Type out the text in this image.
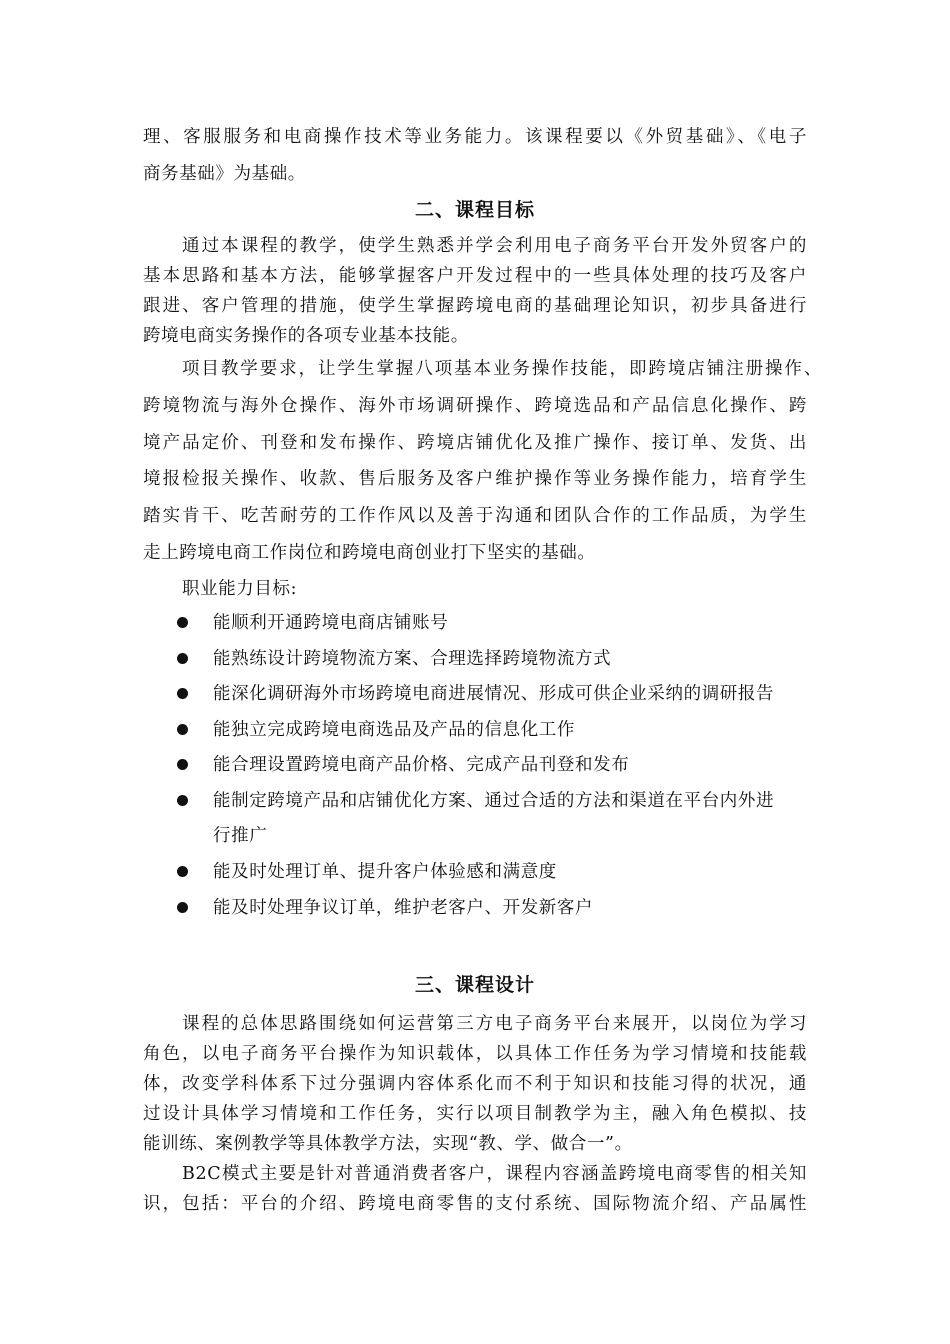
理、客服服务和电商操作技术等业务能力。该课程要以《外贸基础》、《电子
商务基础》为基础。
二、课程目标
通过本课程的教学，使学生熟悉并学会利用电子商务平台开发外贸客户的
基本思路和基本方法，能够掌握客户开发过程中的一些具体处理的技巧及客户
跟进、客户管理的措施，使学生掌握跨境电商的基础理论知识，初步具备进行
跨境电商实务操作的各项专业基本技能。
项目教学要求，让学生掌握八项基本业务操作技能，即跨境店铺注册操作、
跨境物流与海外仓操作、海外市场调研操作、跨境选品和产品信息化操作、跨
境产品定价、刊登和发布操作、跨境店铺优化及推广操作、接订单、发货、出
境报检报关操作、收款、售后服务及客户维护操作等业务操作能力，培育学生
踏实肯干、吃苦耐劳的工作作风以及善于沟通和团队合作的工作品质，为学生
走上跨境电商工作岗位和跨境电商创业打下坚实的基础。
职业能力目标:
能顺利开通跨境电商店铺账号
能熟练设计跨境物流方案、合理选择跨境物流方式
能深化调研海外市场跨境电商进展情况、形成可供企业采纳的调研报告
能独立完成跨境电商选品及产品的信息化工作
能合理设置跨境电商产品价格、完成产品刊登和发布
能制定跨境产品和店铺优化方案、通过合适的方法和渠道在平台内外进
行推广
能及时处理订单、提升客户体验感和满意度
能及时处理争议订单，维护老客户、开发新客户
三、课程设计
课程的总体思路围绕如何运营第三方电子商务平台来展开，以岗位为学习
角色，以电子商务平台操作为知识载体，以具体工作任务为学习情境和技能载
体，改变学科体系下过分强调内容体系化而不利于知识和技能习得的状况，通
过设计具体学习情境和工作任务，实行以项目制教学为主，融入角色模拟、技
能训练、案例教学等具体教学方法，实现“教、学、做合一”。
B2C模式主要是针对普通消费者客户，课程内容涵盖跨境电商零售的相关知
识，包括：平台的介绍、跨境电商零售的支付系统、国际物流介绍、产品属性
